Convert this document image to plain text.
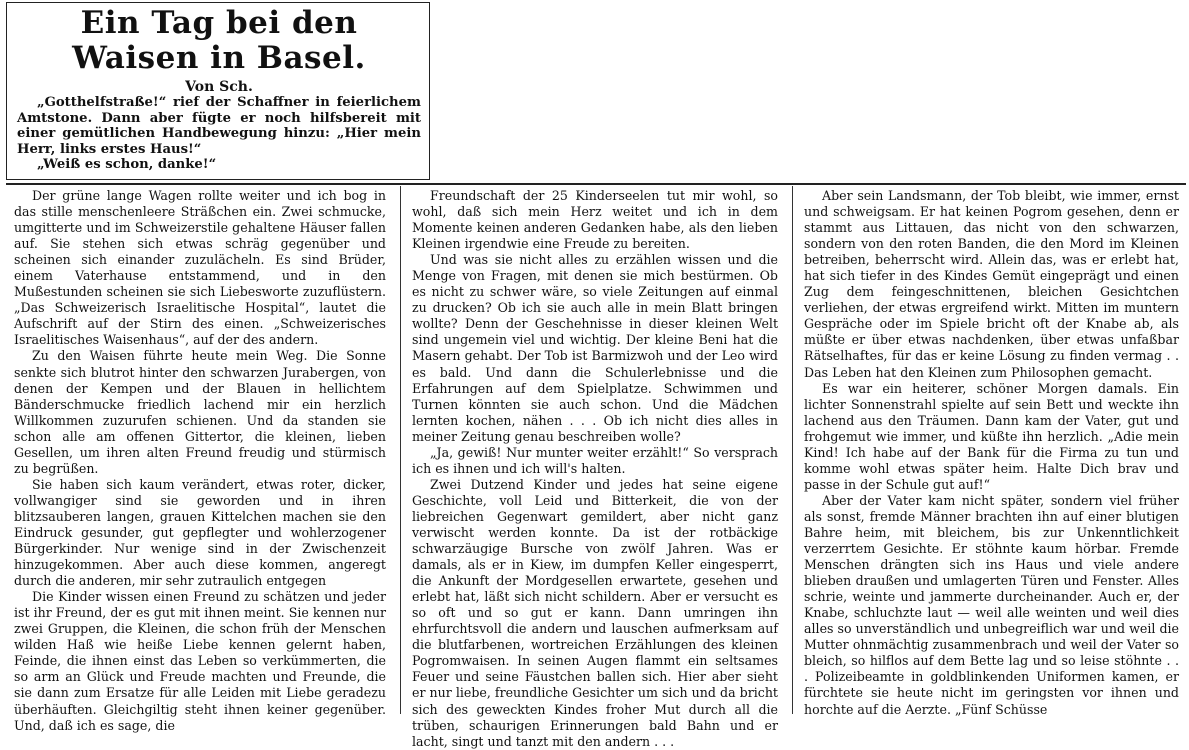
Ein Tag bei den Waisen in Basel.
Von Sch.

„Gotthelfstraße!“ rief der Schaffner in feierlichem Amtstone. Dann aber fügte er noch hilfsbereit mit einer gemütlichen Handbewegung hinzu: „Hier mein Herr, links erstes Haus!“

„Weiß es schon, danke!“

Der grüne lange Wagen rollte weiter und ich bog in das stille menschenleere Sträßchen ein. Zwei schmucke, umgitterte und im Schweizerstile gehaltene Häuser fallen auf. Sie stehen sich etwas schräg gegenüber und scheinen sich einander zuzulächeln. Es sind Brüder, einem Vaterhause entstammend, und in den Mußestunden scheinen sie sich Liebesworte zuzuflüstern. „Das Schweizerisch Israelitische Hospital“, lautet die Aufschrift auf der Stirn des einen. „Schweizerisches Israelitisches Waisenhaus“, auf der des andern.

Zu den Waisen führte heute mein Weg. Die Sonne senkte sich blutrot hinter den schwarzen Jurabergen, von denen der Kempen und der Blauen in hellichtem Bänderschmucke friedlich lachend mir ein herzlich Willkommen zuzurufen schienen. Und da standen sie schon alle am offenen Gittertor, die kleinen, lieben Gesellen, um ihren alten Freund freudig und stürmisch zu begrüßen.

Sie haben sich kaum verändert, etwas roter, dicker, vollwangiger sind sie geworden und in ihren blitzsauberen langen, grauen Kittelchen machen sie den Eindruck gesunder, gut gepflegter und wohlerzogener Bürgerkinder. Nur wenige sind in der Zwischenzeit hinzugekommen. Aber auch diese kommen, angeregt durch die anderen, mir sehr zutraulich entgegen

Die Kinder wissen einen Freund zu schätzen und jeder ist ihr Freund, der es gut mit ihnen meint. Sie kennen nur zwei Gruppen, die Kleinen, die schon früh der Menschen wilden Haß wie heiße Liebe kennen gelernt haben, Feinde, die ihnen einst das Leben so verkümmerten, die so arm an Glück und Freude machten und Freunde, die sie dann zum Ersatze für alle Leiden mit Liebe geradezu überhäuften. Gleichgiltig steht ihnen keiner gegenüber. Und, daß ich es sage, die

Freundschaft der 25 Kinderseelen tut mir wohl, so wohl, daß sich mein Herz weitet und ich in dem Momente keinen anderen Gedanken habe, als den lieben Kleinen irgendwie eine Freude zu bereiten.

Und was sie nicht alles zu erzählen wissen und die Menge von Fragen, mit denen sie mich bestürmen. Ob es nicht zu schwer wäre, so viele Zeitungen auf einmal zu drucken? Ob ich sie auch alle in mein Blatt bringen wollte? Denn der Geschehnisse in dieser kleinen Welt sind ungemein viel und wichtig. Der kleine Beni hat die Masern gehabt. Der Tob ist Barmizwoh und der Leo wird es bald. Und dann die Schulerlebnisse und die Erfahrungen auf dem Spielplatze. Schwimmen und Turnen könnten sie auch schon. Und die Mädchen lernten kochen, nähen . . . Ob ich nicht dies alles in meiner Zeitung genau beschreiben wolle?

„Ja, gewiß! Nur munter weiter erzählt!“ So versprach ich es ihnen und ich will's halten.

Zwei Dutzend Kinder und jedes hat seine eigene Geschichte, voll Leid und Bitterkeit, die von der liebreichen Gegenwart gemildert, aber nicht ganz verwischt werden konnte. Da ist der rotbäckige schwarzäugige Bursche von zwölf Jahren. Was er damals, als er in Kiew, im dumpfen Keller eingesperrt, die Ankunft der Mordgesellen erwartete, gesehen und erlebt hat, läßt sich nicht schildern. Aber er versucht es so oft und so gut er kann. Dann umringen ihn ehrfurchtsvoll die andern und lauschen aufmerksam auf die blutfarbenen, wortreichen Erzählungen des kleinen Pogromwaisen. In seinen Augen flammt ein seltsames Feuer und seine Fäustchen ballen sich. Hier aber sieht er nur liebe, freundliche Gesichter um sich und da bricht sich des geweckten Kindes froher Mut durch all die trüben, schaurigen Erinnerungen bald Bahn und er lacht, singt und tanzt mit den andern . . .

Aber sein Landsmann, der Tob bleibt, wie immer, ernst und schweigsam. Er hat keinen Pogrom gesehen, denn er stammt aus Littauen, das nicht von den schwarzen, sondern von den roten Banden, die den Mord im Kleinen betreiben, beherrscht wird. Allein das, was er erlebt hat, hat sich tiefer in des Kindes Gemüt eingeprägt und einen Zug dem feingeschnittenen, bleichen Gesichtchen verliehen, der etwas ergreifend wirkt. Mitten im muntern Gespräche oder im Spiele bricht oft der Knabe ab, als müßte er über etwas nachdenken, über etwas unfaßbar Rätselhaftes, für das er keine Lösung zu finden vermag . . Das Leben hat den Kleinen zum Philosophen gemacht.

Es war ein heiterer, schöner Morgen damals. Ein lichter Sonnenstrahl spielte auf sein Bett und weckte ihn lachend aus den Träumen. Dann kam der Vater, gut und frohgemut wie immer, und küßte ihn herzlich. „Adie mein Kind! Ich habe auf der Bank für die Firma zu tun und komme wohl etwas später heim. Halte Dich brav und passe in der Schule gut auf!“

Aber der Vater kam nicht später, sondern viel früher als sonst, fremde Männer brachten ihn auf einer blutigen Bahre heim, mit bleichem, bis zur Unkenntlichkeit verzerrtem Gesichte. Er stöhnte kaum hörbar. Fremde Menschen drängten sich ins Haus und viele andere blieben draußen und umlagerten Türen und Fenster. Alles schrie, weinte und jammerte durcheinander. Auch er, der Knabe, schluchzte laut — weil alle weinten und weil dies alles so unverständlich und unbegreiflich war und weil die Mutter ohnmächtig zusammenbrach und weil der Vater so bleich, so hilflos auf dem Bette lag und so leise stöhnte . . . Polizeibeamte in goldblinkenden Uniformen kamen, er fürchtete sie heute nicht im geringsten vor ihnen und horchte auf die Aerzte. „Fünf Schüsse
